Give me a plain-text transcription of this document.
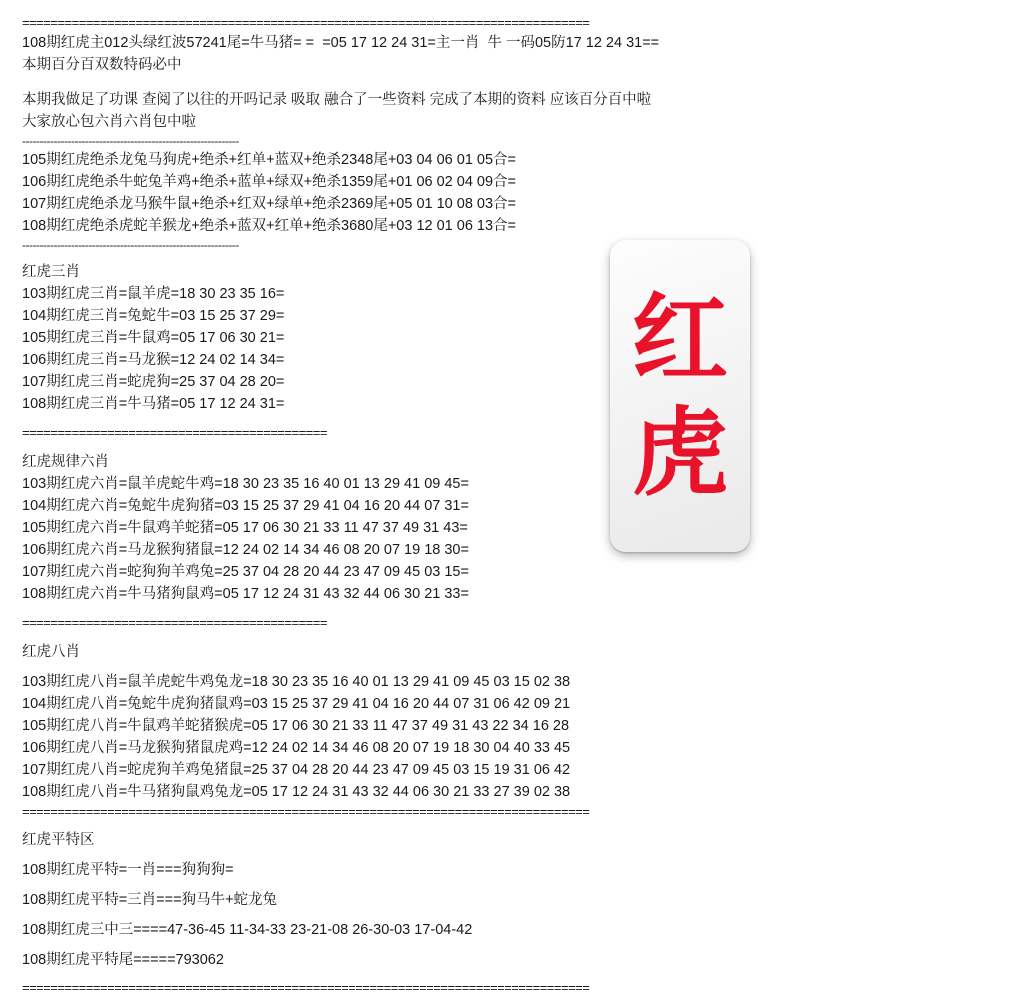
================================================================================
108期红虎主012头绿红波57241尾=牛马猪= =  =05 17 12 24 31=主一肖  牛 一码05防17 12 24 31==
本期百分百双数特码必中
本期我做足了功课 查阅了以往的开吗记录 吸取 融合了一些资料 完成了本期的资料 应该百分百中啦
大家放心包六肖六肖包中啦
--------------------------------------------------------------
105期红虎绝杀龙兔马狗虎+绝杀+红单+蓝双+绝杀2348尾+03 04 06 01 05合=
106期红虎绝杀牛蛇兔羊鸡+绝杀+蓝单+绿双+绝杀1359尾+01 06 02 04 09合=
107期红虎绝杀龙马猴牛鼠+绝杀+红双+绿单+绝杀2369尾+05 01 10 08 03合=
108期红虎绝杀虎蛇羊猴龙+绝杀+蓝双+红单+绝杀3680尾+03 12 01 06 13合=
--------------------------------------------------------------
红虎三肖
103期红虎三肖=鼠羊虎=18 30 23 35 16=
104期红虎三肖=兔蛇牛=03 15 25 37 29=
105期红虎三肖=牛鼠鸡=05 17 06 30 21=
106期红虎三肖=马龙猴=12 24 02 14 34=
107期红虎三肖=蛇虎狗=25 37 04 28 20=
108期红虎三肖=牛马猪=05 17 12 24 31=
===========================================
红虎规律六肖
103期红虎六肖=鼠羊虎蛇牛鸡=18 30 23 35 16 40 01 13 29 41 09 45=
104期红虎六肖=兔蛇牛虎狗猪=03 15 25 37 29 41 04 16 20 44 07 31=
105期红虎六肖=牛鼠鸡羊蛇猪=05 17 06 30 21 33 11 47 37 49 31 43=
106期红虎六肖=马龙猴狗猪鼠=12 24 02 14 34 46 08 20 07 19 18 30=
107期红虎六肖=蛇狗狗羊鸡兔=25 37 04 28 20 44 23 47 09 45 03 15=
108期红虎六肖=牛马猪狗鼠鸡=05 17 12 24 31 43 32 44 06 30 21 33=
===========================================
红虎八肖
103期红虎八肖=鼠羊虎蛇牛鸡兔龙=18 30 23 35 16 40 01 13 29 41 09 45 03 15 02 38
104期红虎八肖=兔蛇牛虎狗猪鼠鸡=03 15 25 37 29 41 04 16 20 44 07 31 06 42 09 21
105期红虎八肖=牛鼠鸡羊蛇猪猴虎=05 17 06 30 21 33 11 47 37 49 31 43 22 34 16 28
106期红虎八肖=马龙猴狗猪鼠虎鸡=12 24 02 14 34 46 08 20 07 19 18 30 04 40 33 45
107期红虎八肖=蛇虎狗羊鸡兔猪鼠=25 37 04 28 20 44 23 47 09 45 03 15 19 31 06 42
108期红虎八肖=牛马猪狗鼠鸡兔龙=05 17 12 24 31 43 32 44 06 30 21 33 27 39 02 38
================================================================================
红虎平特区
108期红虎平特=一肖===狗狗狗=
108期红虎平特=三肖===狗马牛+蛇龙兔
108期红虎三中三====47-36-45 11-34-33 23-21-08 26-30-03 17-04-42
108期红虎平特尾=====793062
================================================================================
红
虎
